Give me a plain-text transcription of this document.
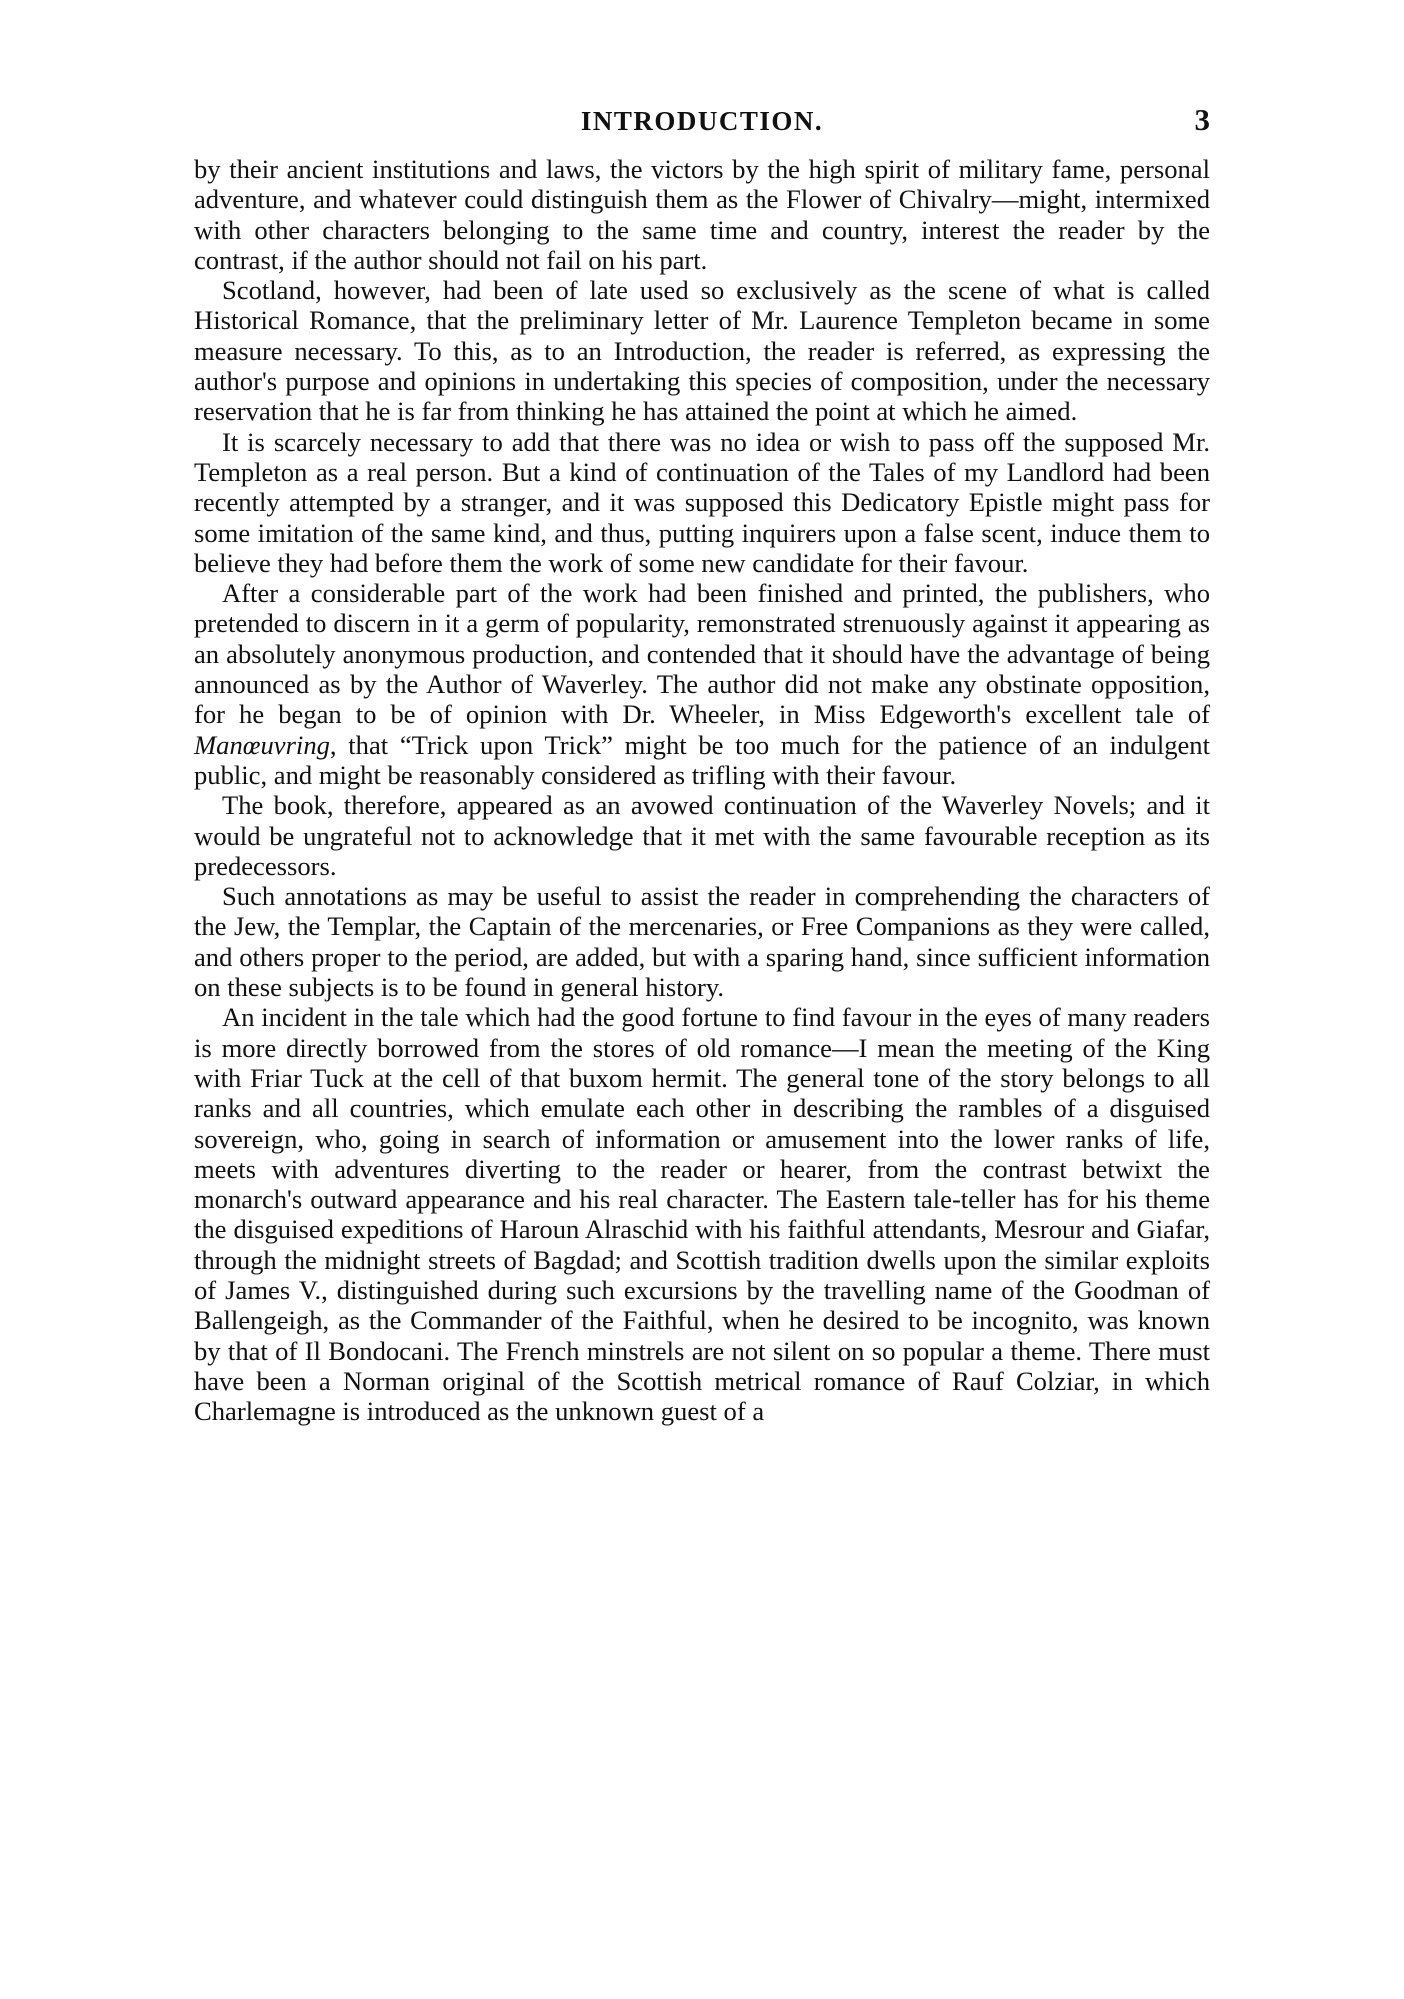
INTRODUCTION.	3

by their ancient institutions and laws, the victors by the high spirit of military fame, personal adventure, and whatever could distinguish them as the Flower of Chivalry—might, intermixed with other characters belonging to the same time and country, interest the reader by the contrast, if the author should not fail on his part.

Scotland, however, had been of late used so exclusively as the scene of what is called Historical Romance, that the preliminary letter of Mr. Laurence Templeton became in some measure necessary. To this, as to an Introduction, the reader is referred, as expressing the author's purpose and opinions in undertaking this species of composition, under the necessary reservation that he is far from thinking he has attained the point at which he aimed.

It is scarcely necessary to add that there was no idea or wish to pass off the supposed Mr. Templeton as a real person. But a kind of continuation of the Tales of my Landlord had been recently attempted by a stranger, and it was supposed this Dedicatory Epistle might pass for some imitation of the same kind, and thus, putting inquirers upon a false scent, induce them to believe they had before them the work of some new candidate for their favour.

After a considerable part of the work had been finished and printed, the publishers, who pretended to discern in it a germ of popularity, remonstrated strenuously against it appearing as an absolutely anonymous production, and contended that it should have the advantage of being announced as by the Author of Waverley. The author did not make any obstinate opposition, for he began to be of opinion with Dr. Wheeler, in Miss Edgeworth's excellent tale of Manœuvring, that “Trick upon Trick” might be too much for the patience of an indulgent public, and might be reasonably considered as trifling with their favour.

The book, therefore, appeared as an avowed continuation of the Waverley Novels; and it would be ungrateful not to acknowledge that it met with the same favourable reception as its predecessors.

Such annotations as may be useful to assist the reader in comprehending the characters of the Jew, the Templar, the Captain of the mercenaries, or Free Companions as they were called, and others proper to the period, are added, but with a sparing hand, since sufficient information on these subjects is to be found in general history.

An incident in the tale which had the good fortune to find favour in the eyes of many readers is more directly borrowed from the stores of old romance—I mean the meeting of the King with Friar Tuck at the cell of that buxom hermit. The general tone of the story belongs to all ranks and all countries, which emulate each other in describing the rambles of a disguised sovereign, who, going in search of information or amusement into the lower ranks of life, meets with adventures diverting to the reader or hearer, from the contrast betwixt the monarch's outward appearance and his real character. The Eastern tale-teller has for his theme the disguised expeditions of Haroun Alraschid with his faithful attendants, Mesrour and Giafar, through the midnight streets of Bagdad; and Scottish tradition dwells upon the similar exploits of James V., distinguished during such excursions by the travelling name of the Goodman of Ballengeigh, as the Commander of the Faithful, when he desired to be incognito, was known by that of Il Bondocani. The French minstrels are not silent on so popular a theme. There must have been a Norman original of the Scottish metrical romance of Rauf Colziar, in which Charlemagne is introduced as the unknown guest of a
